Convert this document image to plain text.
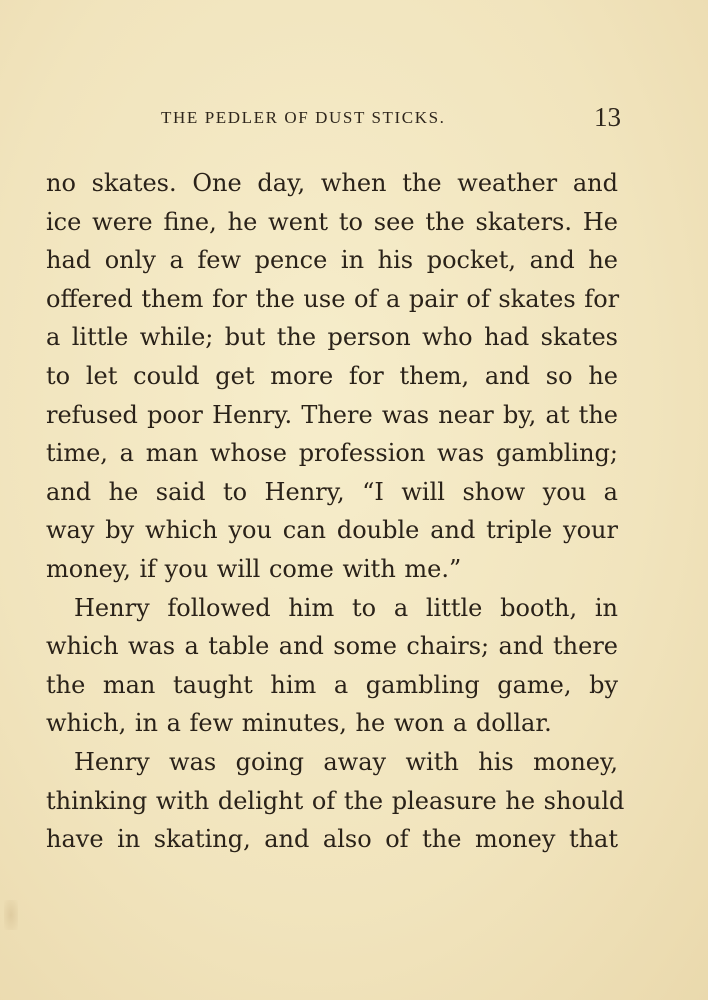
THE PEDLER OF DUST STICKS.	13
no skates. One day, when the weather and
ice were fine, he went to see the skaters. He
had only a few pence in his pocket, and he
offered them for the use of a pair of skates for
a little while; but the person who had skates
to let could get more for them, and so he
refused poor Henry. There was near by, at the
time, a man whose profession was gambling;
and he said to Henry, “I will show you a
way by which you can double and triple your
money, if you will come with me.”
Henry followed him to a little booth, in
which was a table and some chairs; and there
the man taught him a gambling game, by
which, in a few minutes, he won a dollar.
Henry was going away with his money,
thinking with delight of the pleasure he should
have in skating, and also of the money that
